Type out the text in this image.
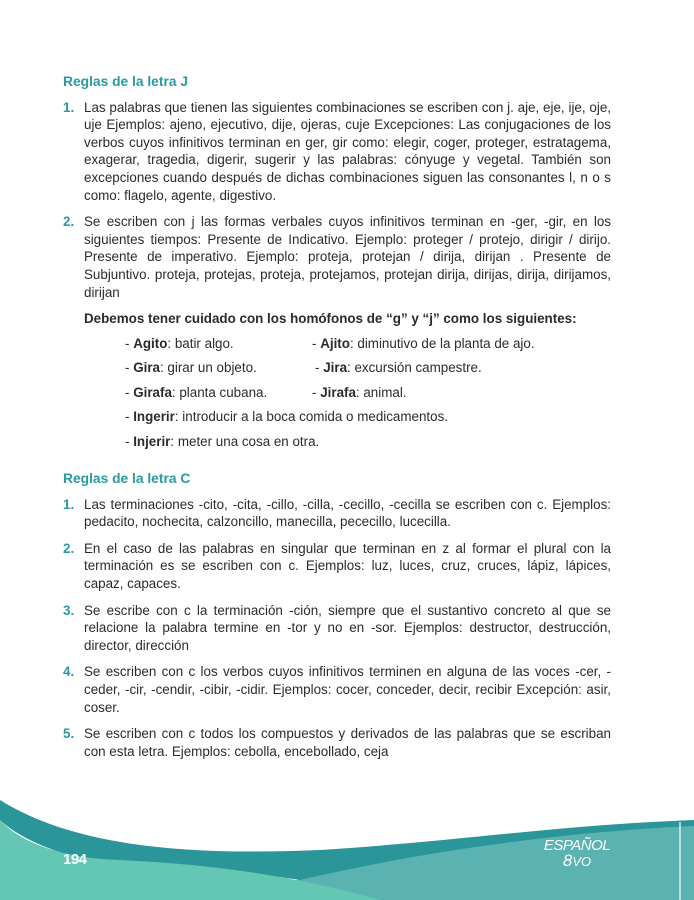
Reglas de la letra J
1. Las palabras que tienen las siguientes combinaciones se escriben con j. aje, eje, ije, oje, uje Ejemplos: ajeno, ejecutivo, dije, ojeras, cuje Excepciones: Las conjugaciones de los verbos cuyos infinitivos terminan en ger, gir como: elegir, coger, proteger, estratagema, exagerar, tragedia, digerir, sugerir y las palabras: cónyuge y vegetal. También son excepciones cuando después de dichas combinaciones siguen las consonantes l, n o s como: flagelo, agente, digestivo.
2. Se escriben con j las formas verbales cuyos infinitivos terminan en -ger, -gir, en los siguientes tiempos: Presente de Indicativo. Ejemplo: proteger / protejo, dirigir / dirijo. Presente de imperativo. Ejemplo: proteja, protejan / dirija, dirijan . Presente de Subjuntivo. proteja, protejas, proteja, protejamos, protejan dirija, dirijas, dirija, dirijamos, dirijan

Debemos tener cuidado con los homófonos de “g” y “j” como los siguientes:

- Agito: batir algo.	- Ajito: diminutivo de la planta de ajo.
- Gira: girar un objeto.	- Jira: excursión campestre.
- Girafa: planta cubana.	- Jirafa: animal.
- Ingerir: introducir a la boca comida o medicamentos.
- Injerir: meter una cosa en otra.
Reglas de la letra C
1. Las terminaciones -cito, -cita, -cillo, -cilla, -cecillo, -cecilla se escriben con c. Ejemplos: pedacito, nochecita, calzoncillo, manecilla, pececillo, lucecilla.
2. En el caso de las palabras en singular que terminan en z al formar el plural con la terminación es se escriben con c. Ejemplos: luz, luces, cruz, cruces, lápiz, lápices, capaz, capaces.
3. Se escribe con c la terminación -ción, siempre que el sustantivo concreto al que se relacione la palabra termine en -tor y no en -sor. Ejemplos: destructor, destrucción, director, dirección
4. Se escriben con c los verbos cuyos infinitivos terminen en alguna de las voces -cer, -ceder, -cir, -cendir, -cibir, -cidir. Ejemplos: cocer, conceder, decir, recibir Excepción: asir, coser.
5. Se escriben con c todos los compuestos y derivados de las palabras que se escriban con esta letra. Ejemplos: cebolla, encebollado, ceja
194
ESPAÑOL
8VO
